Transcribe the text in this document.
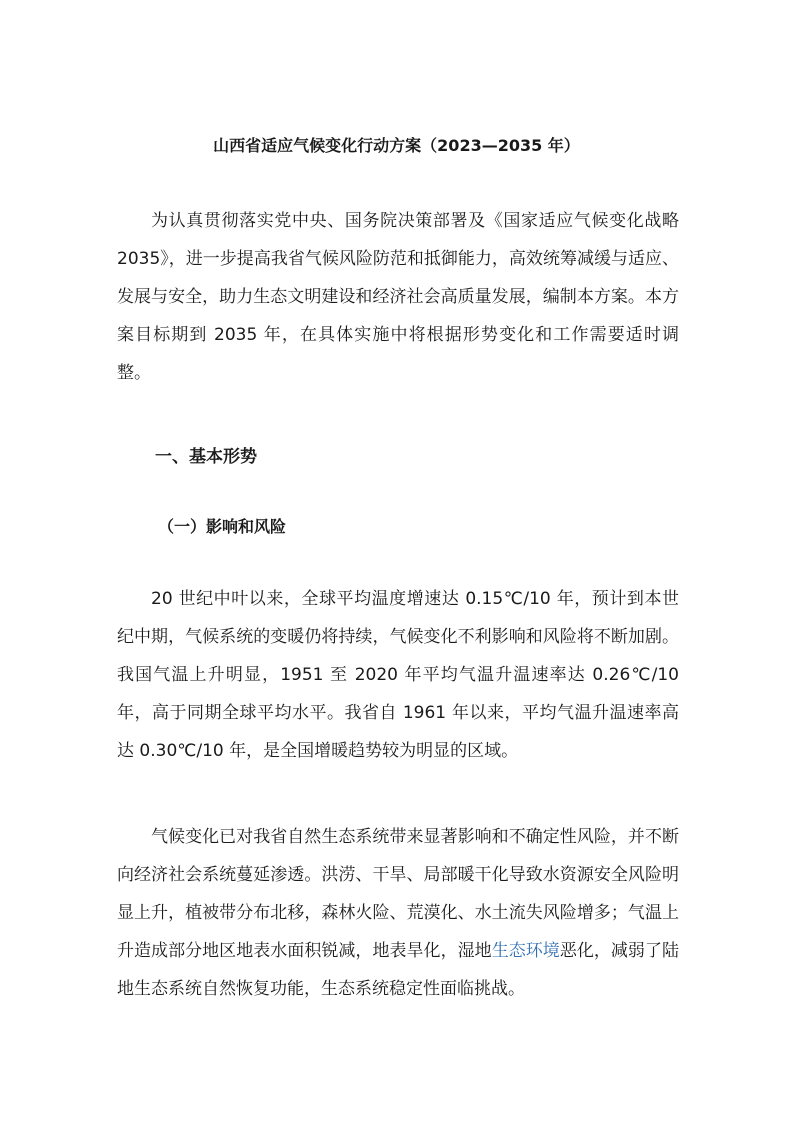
山西省适应气候变化行动方案（2023—2035 年）

为认真贯彻落实党中央、国务院决策部署及《国家适应气候变化战略 2035》，进一步提高我省气候风险防范和抵御能力，高效统筹减缓与适应、发展与安全，助力生态文明建设和经济社会高质量发展，编制本方案。本方案目标期到 2035 年，在具体实施中将根据形势变化和工作需要适时调整。

一、基本形势
（一）影响和风险

20 世纪中叶以来，全球平均温度增速达 0.15℃/10 年，预计到本世纪中期，气候系统的变暖仍将持续，气候变化不利影响和风险将不断加剧。我国气温上升明显，1951 至 2020 年平均气温升温速率达 0.26℃/10 年，高于同期全球平均水平。我省自 1961 年以来，平均气温升温速率高达 0.30℃/10 年，是全国增暖趋势较为明显的区域。

气候变化已对我省自然生态系统带来显著影响和不确定性风险，并不断向经济社会系统蔓延渗透。洪涝、干旱、局部暖干化导致水资源安全风险明显上升，植被带分布北移，森林火险、荒漠化、水土流失风险增多；气温上升造成部分地区地表水面积锐减，地表旱化，湿地生态环境恶化，减弱了陆地生态系统自然恢复功能，生态系统稳定性面临挑战。
